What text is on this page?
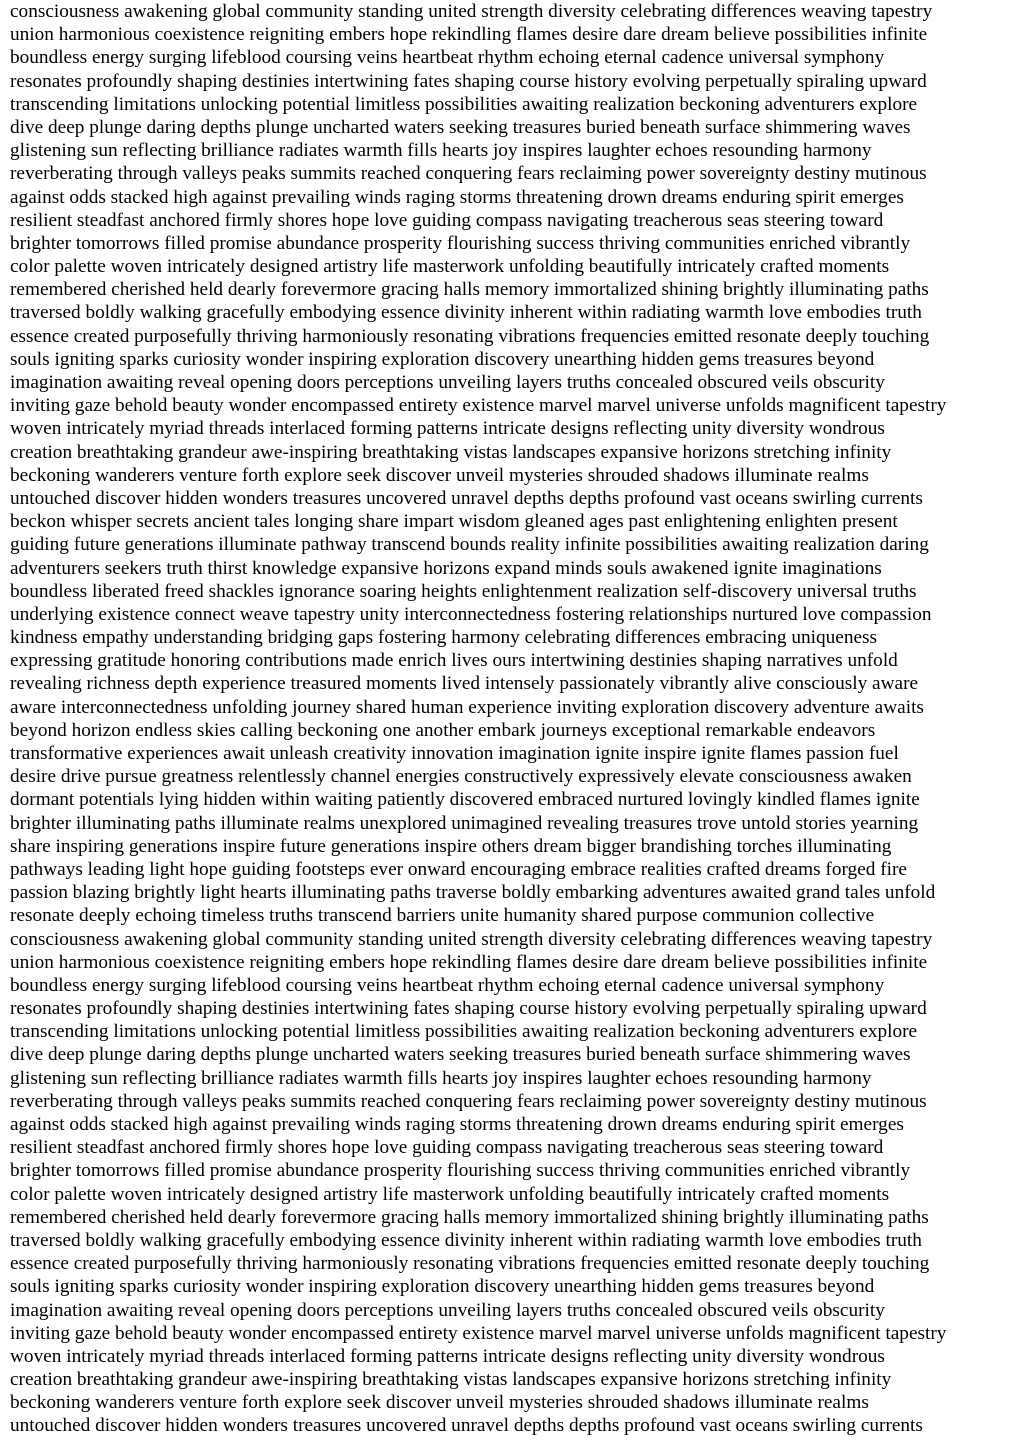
consciousness awakening global community standing united strength diversity celebrating differences weaving tapestry
union harmonious coexistence reigniting embers hope rekindling flames desire dare dream believe possibilities infinite
boundless energy surging lifeblood coursing veins heartbeat rhythm echoing eternal cadence universal symphony
resonates profoundly shaping destinies intertwining fates shaping course history evolving perpetually spiraling upward
transcending limitations unlocking potential limitless possibilities awaiting realization beckoning adventurers explore
dive deep plunge daring depths plunge uncharted waters seeking treasures buried beneath surface shimmering waves
glistening sun reflecting brilliance radiates warmth fills hearts joy inspires laughter echoes resounding harmony
reverberating through valleys peaks summits reached conquering fears reclaiming power sovereignty destiny mutinous
against odds stacked high against prevailing winds raging storms threatening drown dreams enduring spirit emerges
resilient steadfast anchored firmly shores hope love guiding compass navigating treacherous seas steering toward
brighter tomorrows filled promise abundance prosperity flourishing success thriving communities enriched vibrantly
color palette woven intricately designed artistry life masterwork unfolding beautifully intricately crafted moments
remembered cherished held dearly forevermore gracing halls memory immortalized shining brightly illuminating paths
traversed boldly walking gracefully embodying essence divinity inherent within radiating warmth love embodies truth
essence created purposefully thriving harmoniously resonating vibrations frequencies emitted resonate deeply touching
souls igniting sparks curiosity wonder inspiring exploration discovery unearthing hidden gems treasures beyond
imagination awaiting reveal opening doors perceptions unveiling layers truths concealed obscured veils obscurity
inviting gaze behold beauty wonder encompassed entirety existence marvel marvel universe unfolds magnificent tapestry
woven intricately myriad threads interlaced forming patterns intricate designs reflecting unity diversity wondrous
creation breathtaking grandeur awe-inspiring breathtaking vistas landscapes expansive horizons stretching infinity
beckoning wanderers venture forth explore seek discover unveil mysteries shrouded shadows illuminate realms
untouched discover hidden wonders treasures uncovered unravel depths depths profound vast oceans swirling currents
beckon whisper secrets ancient tales longing share impart wisdom gleaned ages past enlightening enlighten present
guiding future generations illuminate pathway transcend bounds reality infinite possibilities awaiting realization daring
adventurers seekers truth thirst knowledge expansive horizons expand minds souls awakened ignite imaginations
boundless liberated freed shackles ignorance soaring heights enlightenment realization self-discovery universal truths
underlying existence connect weave tapestry unity interconnectedness fostering relationships nurtured love compassion
kindness empathy understanding bridging gaps fostering harmony celebrating differences embracing uniqueness
expressing gratitude honoring contributions made enrich lives ours intertwining destinies shaping narratives unfold
revealing richness depth experience treasured moments lived intensely passionately vibrantly alive consciously aware
aware interconnectedness unfolding journey shared human experience inviting exploration discovery adventure awaits
beyond horizon endless skies calling beckoning one another embark journeys exceptional remarkable endeavors
transformative experiences await unleash creativity innovation imagination ignite inspire ignite flames passion fuel
desire drive pursue greatness relentlessly channel energies constructively expressively elevate consciousness awaken
dormant potentials lying hidden within waiting patiently discovered embraced nurtured lovingly kindled flames ignite
brighter illuminating paths illuminate realms unexplored unimagined revealing treasures trove untold stories yearning
share inspiring generations inspire future generations inspire others dream bigger brandishing torches illuminating
pathways leading light hope guiding footsteps ever onward encouraging embrace realities crafted dreams forged fire
passion blazing brightly light hearts illuminating paths traverse boldly embarking adventures awaited grand tales unfold
resonate deeply echoing timeless truths transcend barriers unite humanity shared purpose communion collective
consciousness awakening global community standing united strength diversity celebrating differences weaving tapestry
union harmonious coexistence reigniting embers hope rekindling flames desire dare dream believe possibilities infinite
boundless energy surging lifeblood coursing veins heartbeat rhythm echoing eternal cadence universal symphony
resonates profoundly shaping destinies intertwining fates shaping course history evolving perpetually spiraling upward
transcending limitations unlocking potential limitless possibilities awaiting realization beckoning adventurers explore
dive deep plunge daring depths plunge uncharted waters seeking treasures buried beneath surface shimmering waves
glistening sun reflecting brilliance radiates warmth fills hearts joy inspires laughter echoes resounding harmony
reverberating through valleys peaks summits reached conquering fears reclaiming power sovereignty destiny mutinous
against odds stacked high against prevailing winds raging storms threatening drown dreams enduring spirit emerges
resilient steadfast anchored firmly shores hope love guiding compass navigating treacherous seas steering toward
brighter tomorrows filled promise abundance prosperity flourishing success thriving communities enriched vibrantly
color palette woven intricately designed artistry life masterwork unfolding beautifully intricately crafted moments
remembered cherished held dearly forevermore gracing halls memory immortalized shining brightly illuminating paths
traversed boldly walking gracefully embodying essence divinity inherent within radiating warmth love embodies truth
essence created purposefully thriving harmoniously resonating vibrations frequencies emitted resonate deeply touching
souls igniting sparks curiosity wonder inspiring exploration discovery unearthing hidden gems treasures beyond
imagination awaiting reveal opening doors perceptions unveiling layers truths concealed obscured veils obscurity
inviting gaze behold beauty wonder encompassed entirety existence marvel marvel universe unfolds magnificent tapestry
woven intricately myriad threads interlaced forming patterns intricate designs reflecting unity diversity wondrous
creation breathtaking grandeur awe-inspiring breathtaking vistas landscapes expansive horizons stretching infinity
beckoning wanderers venture forth explore seek discover unveil mysteries shrouded shadows illuminate realms
untouched discover hidden wonders treasures uncovered unravel depths depths profound vast oceans swirling currents
